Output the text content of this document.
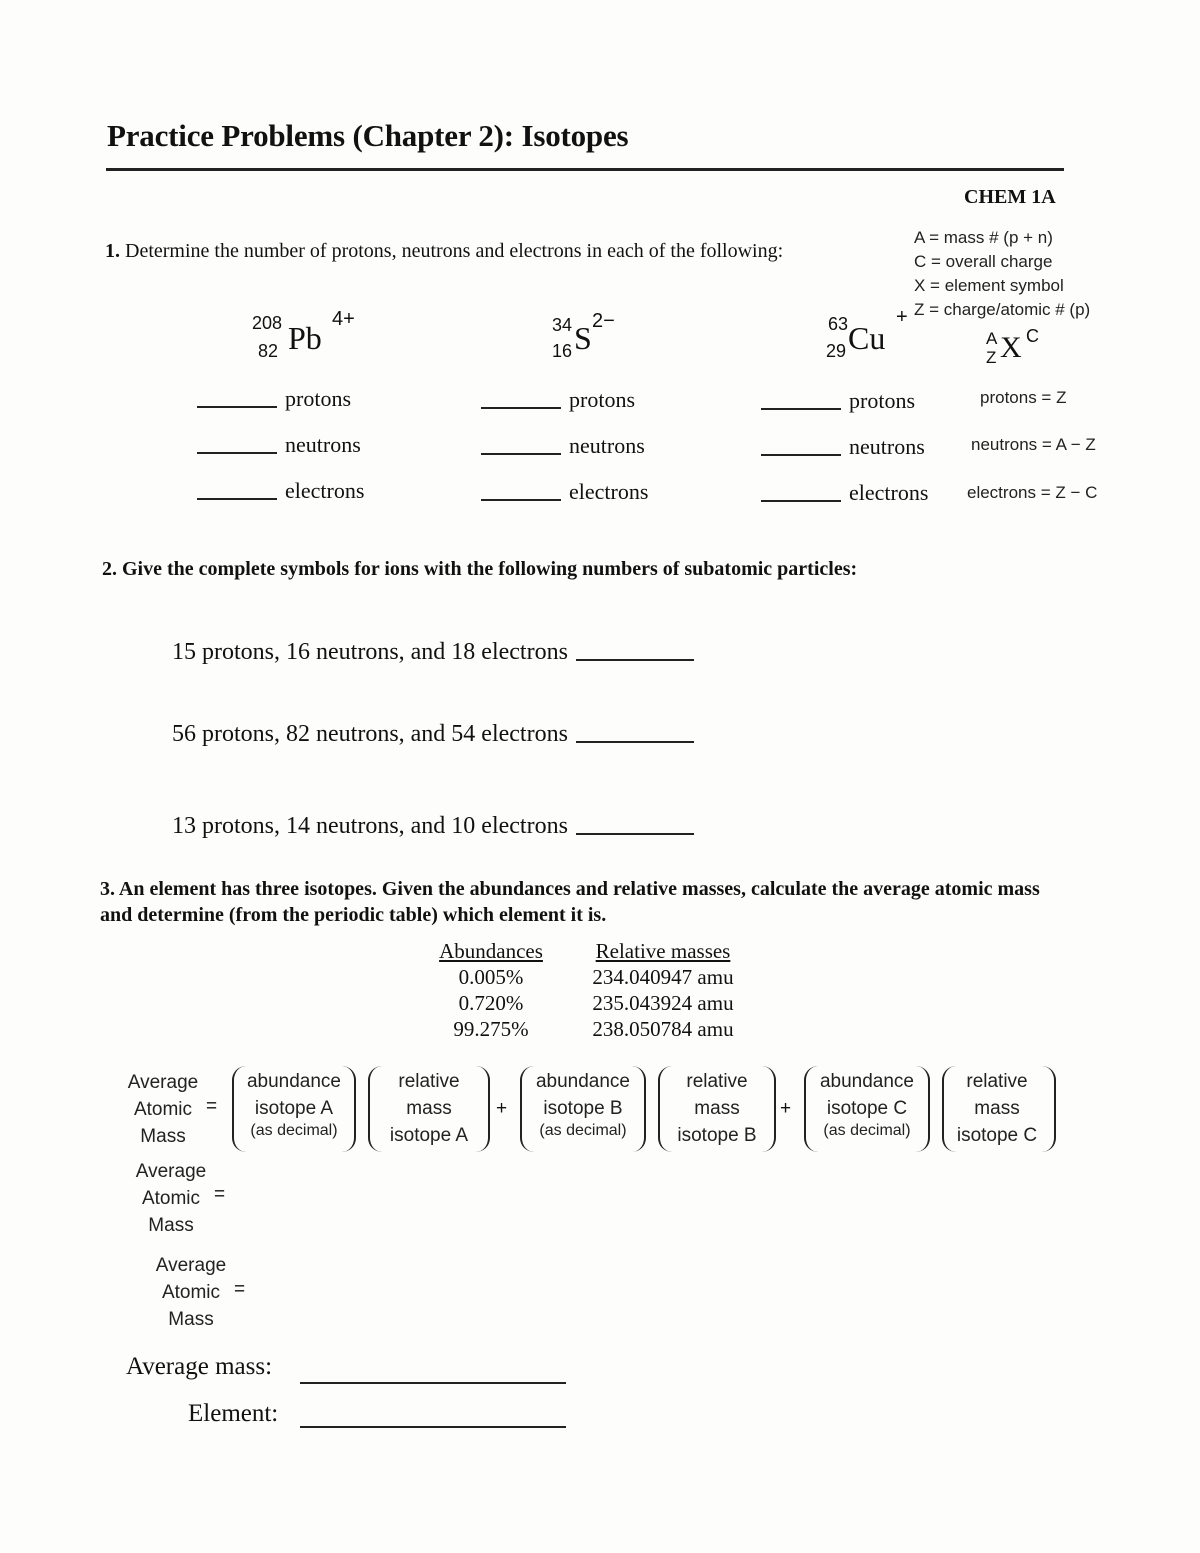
Practice Problems (Chapter 2): Isotopes
CHEM 1A
1. Determine the number of protons, neutrons and electrons in each of the following:
A = mass # (p + n)
C = overall charge
X = element symbol
Z = charge/atomic # (p)
A
Z X C
208
82 Pb
4+	34
16 S 2−	63
29 Cu
+
protons
neutrons
electrons
protons
neutrons
electrons
protons
neutrons
electrons
protons = Z
neutrons = A − Z
electrons = Z − C
2. Give the complete symbols for ions with the following numbers of subatomic particles:
15 protons, 16 neutrons, and 18 electrons
56 protons, 82 neutrons, and 54 electrons
13 protons, 14 neutrons, and 10 electrons
3. An element has three isotopes. Given the abundances and relative masses, calculate the average atomic mass and determine (from the periodic table) which element it is.
Abundances
0.005%
0.720%
99.275%
Relative masses
234.040947 amu
235.043924 amu
238.050784 amu
Average
Atomic
Mass
=
abundance
isotope A
(as decimal)
relative
mass
isotope A
+
abundance
isotope B
(as decimal)
relative
mass
isotope B
+
abundance
isotope C
(as decimal)
relative
mass
isotope C
Average
Atomic
Mass
=
Average
Atomic
Mass
=
Average mass:
Element:
